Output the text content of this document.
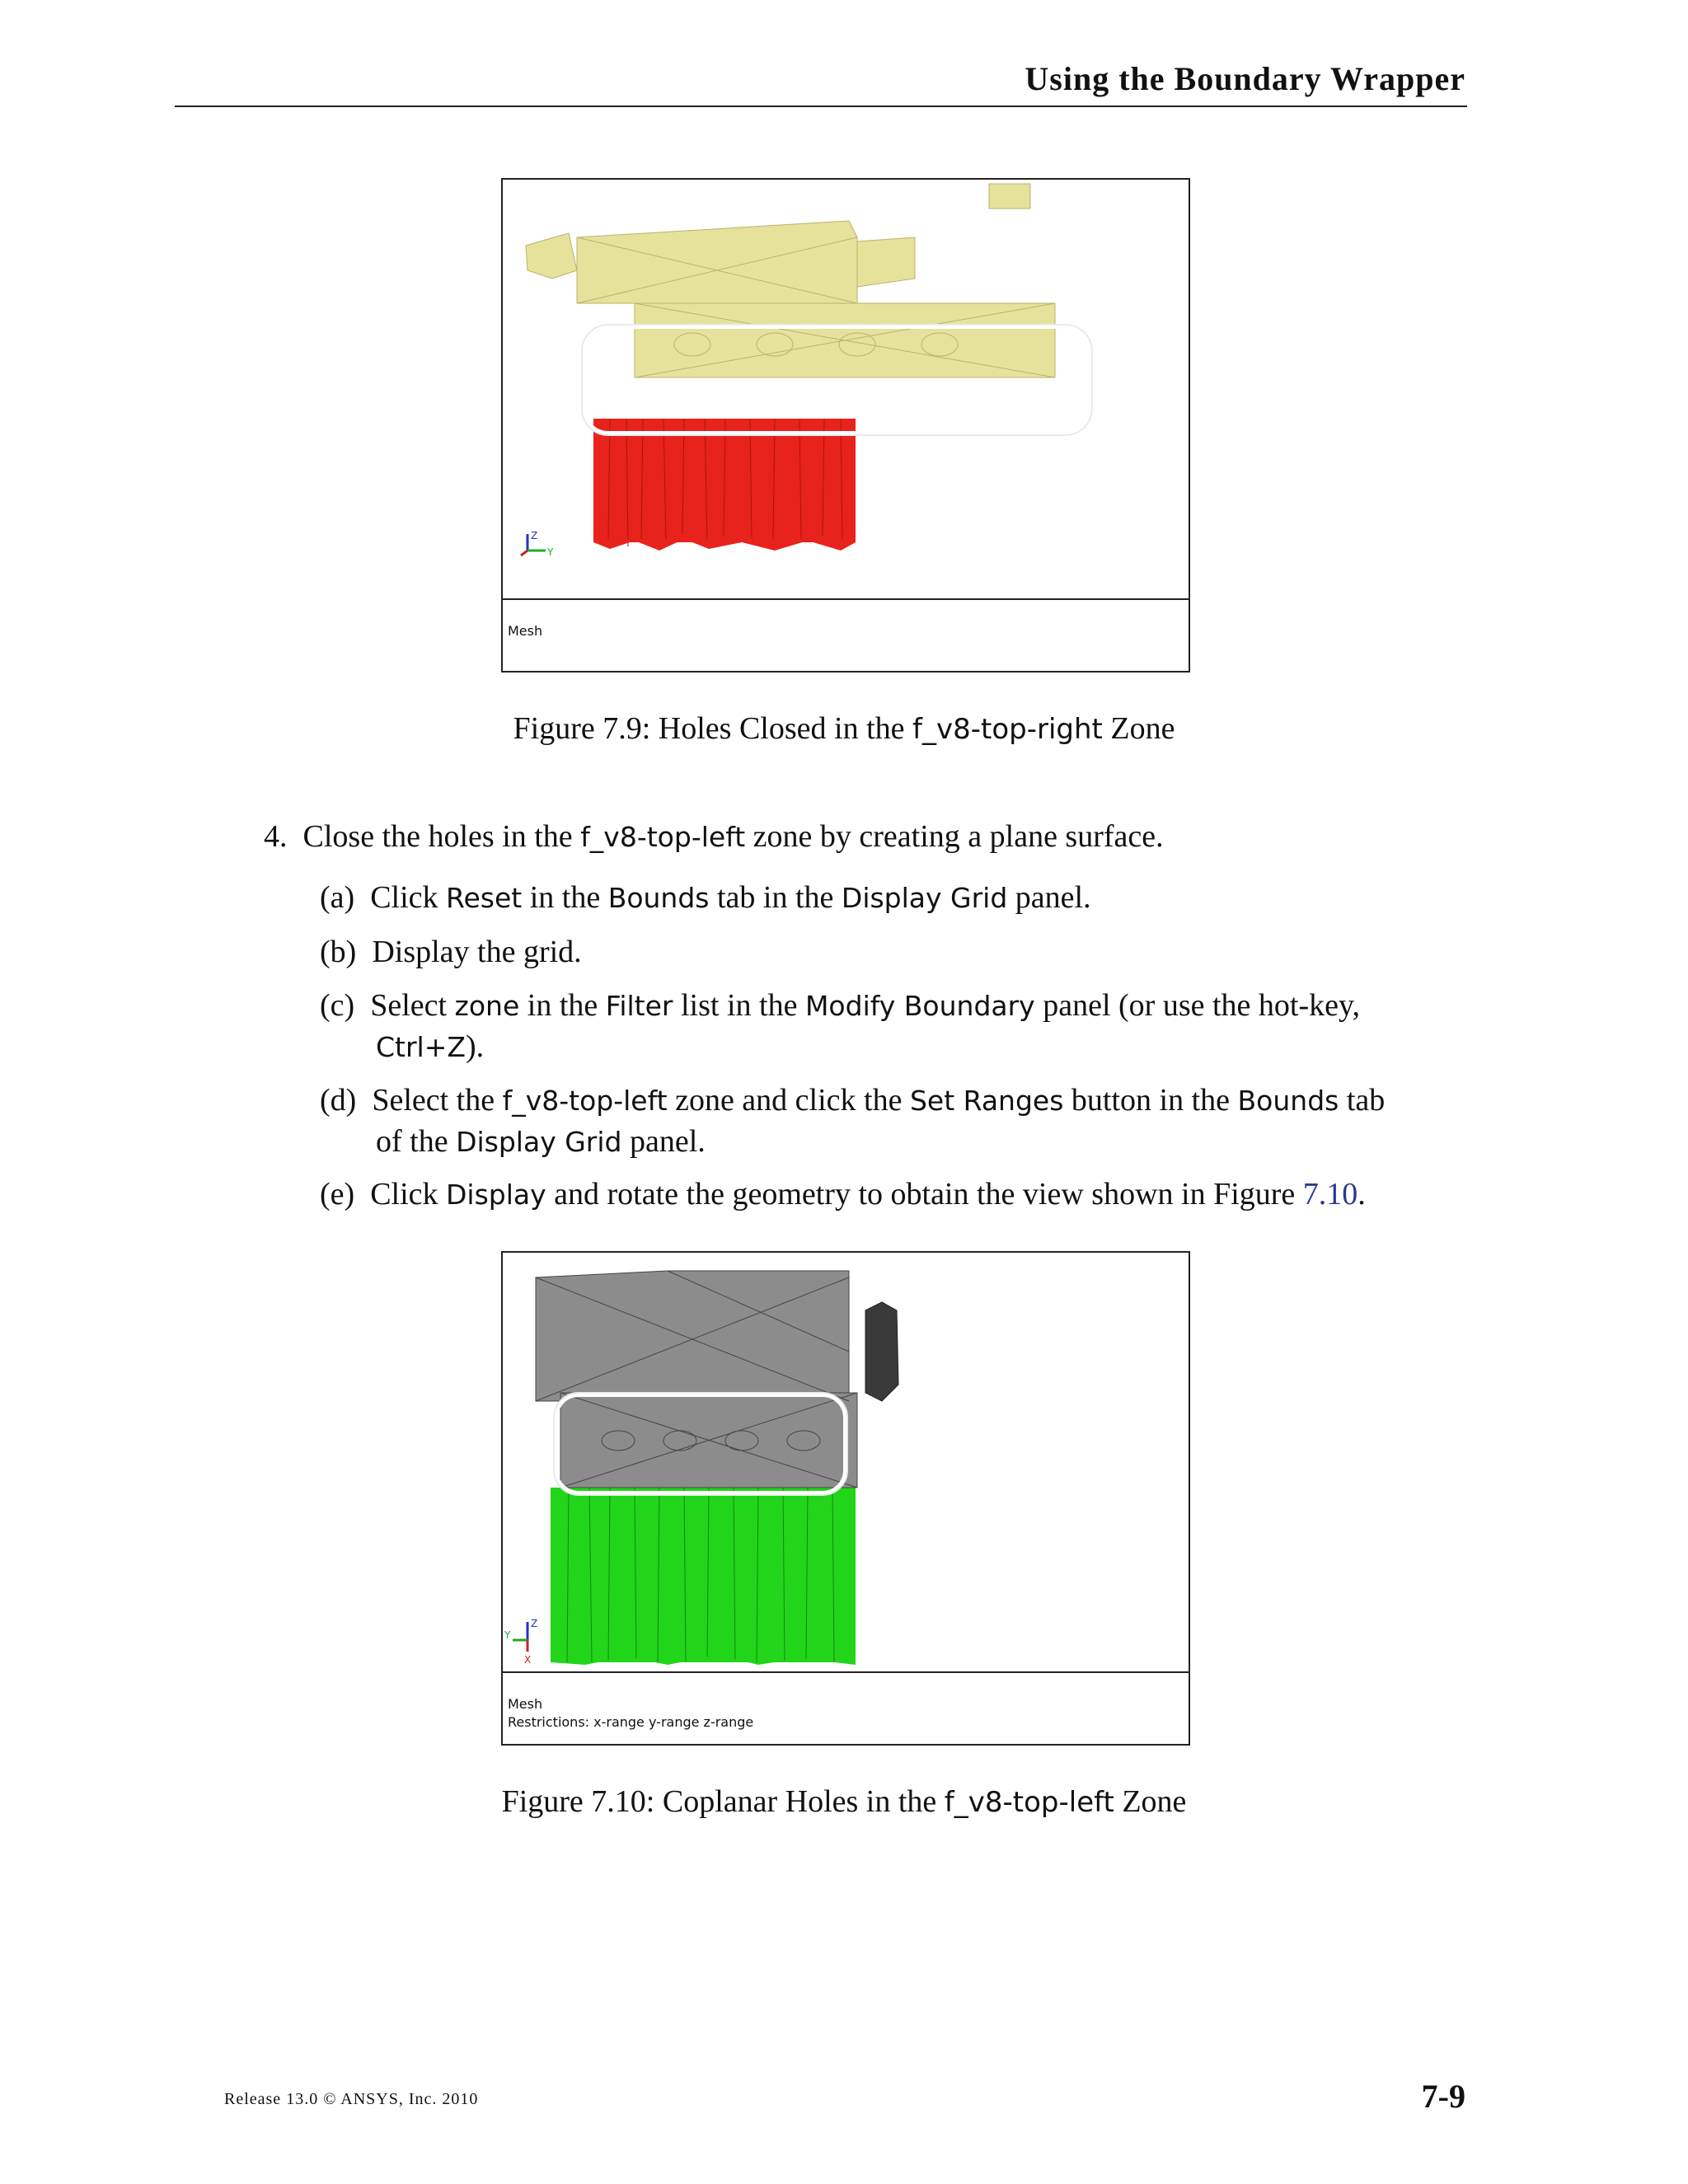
Using the Boundary Wrapper
Z
Y
Mesh
Figure 7.9: Holes Closed in the f_v8-top-right Zone
4. Close the holes in the f_v8-top-left zone by creating a plane surface.
(a) Click Reset in the Bounds tab in the Display Grid panel.
(b) Display the grid.
(c) Select zone in the Filter list in the Modify Boundary panel (or use the hot-key,
Ctrl+Z).
(d) Select the f_v8-top-left zone and click the Set Ranges button in the Bounds tab
of the Display Grid panel.
(e) Click Display and rotate the geometry to obtain the view shown in Figure 7.10.
Z
Y
X
Mesh
Restrictions: x-range y-range z-range
Figure 7.10: Coplanar Holes in the f_v8-top-left Zone
Release 13.0 © ANSYS, Inc. 2010	7-9
